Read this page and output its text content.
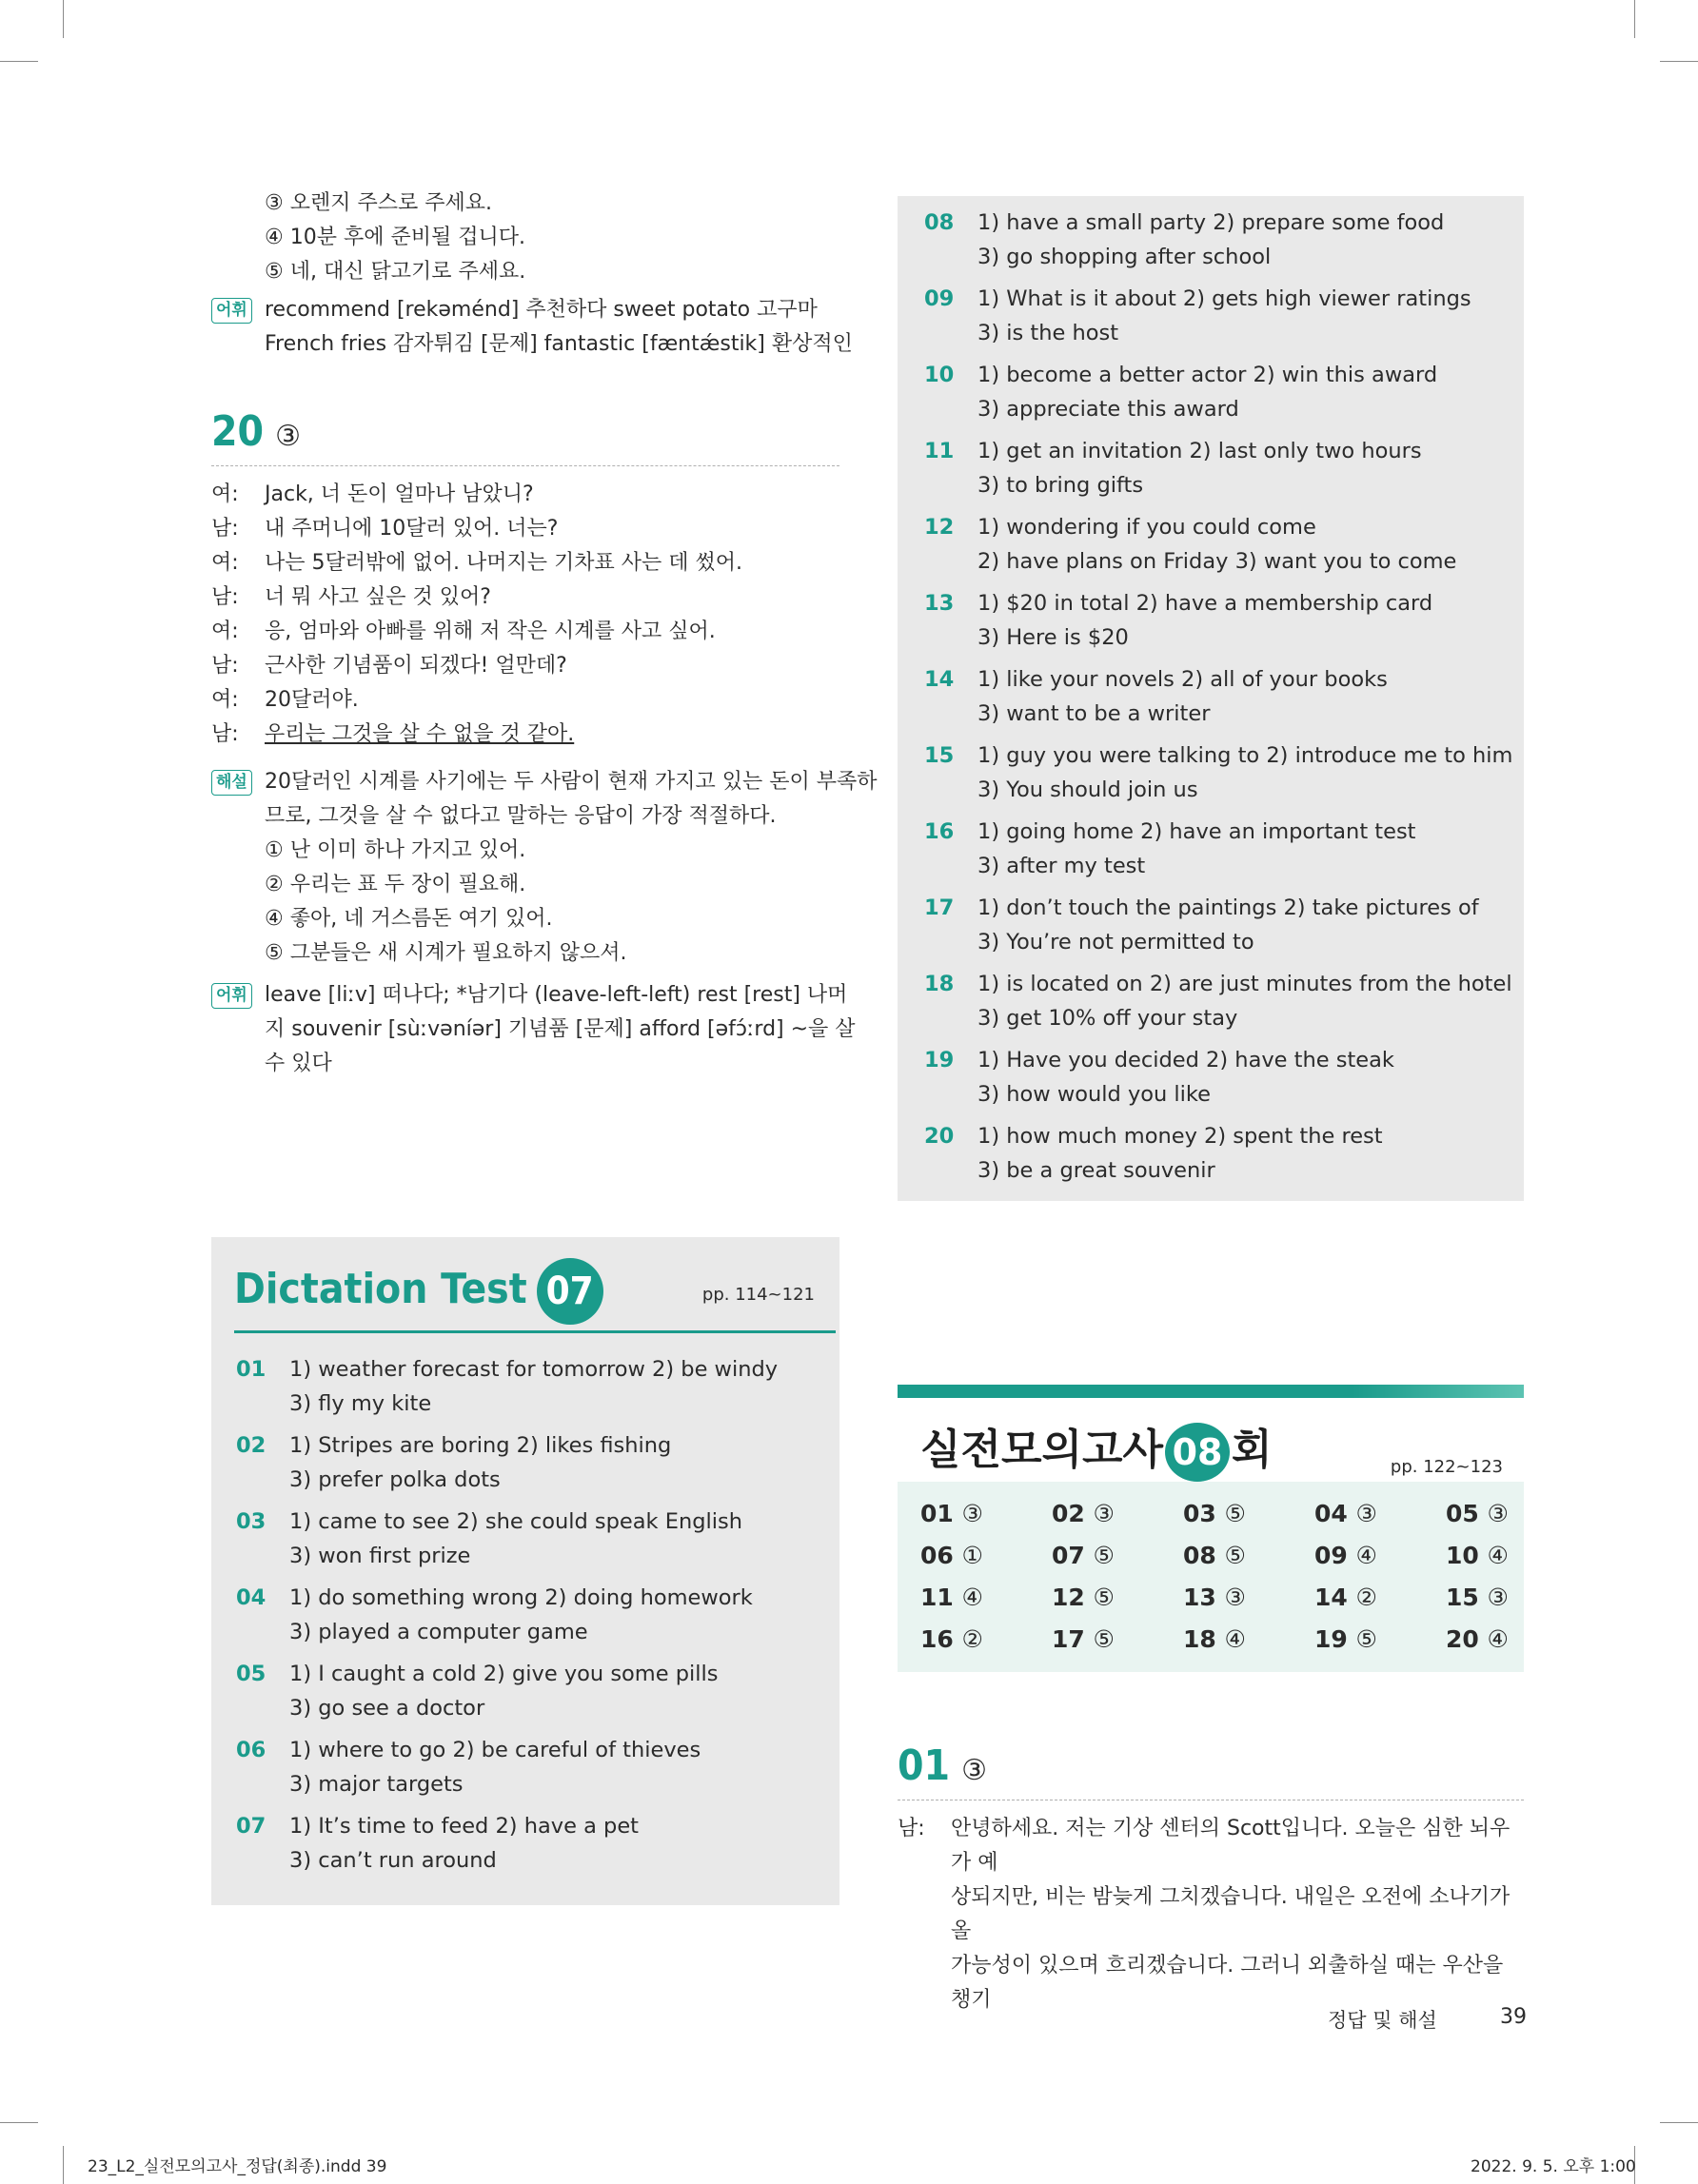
③ 오렌지 주스로 주세요.
④ 10분 후에 준비될 겁니다.
⑤ 네, 대신 닭고기로 주세요.
어휘 recommend [rekəménd] 추천하다 sweet potato 고구마
French fries 감자튀김 [문제] fantastic [fæntǽstik] 환상적인
20 ③
여:	Jack, 너 돈이 얼마나 남았니?
남:	내 주머니에 10달러 있어. 너는?
여:	나는 5달러밖에 없어. 나머지는 기차표 사는 데 썼어.
남:	너 뭐 사고 싶은 것 있어?
여:	응, 엄마와 아빠를 위해 저 작은 시계를 사고 싶어.
남:	근사한 기념품이 되겠다! 얼만데?
여:	20달러야.
남:	우리는 그것을 살 수 없을 것 같아.
해설 20달러인 시계를 사기에는 두 사람이 현재 가지고 있는 돈이 부족하
므로, 그것을 살 수 없다고 말하는 응답이 가장 적절하다.
① 난 이미 하나 가지고 있어.
② 우리는 표 두 장이 필요해.
④ 좋아, 네 거스름돈 여기 있어.
⑤ 그분들은 새 시계가 필요하지 않으셔.
어휘 leave [liːv] 떠나다; *남기다 (leave-left-left) rest [rest] 나머
지 souvenir [sùːvəníər] 기념품 [문제] afford [əfɔ́ːrd] ~을 살
수 있다
08	1) have a small party 2) prepare some food
3) go shopping after school
09	1) What is it about 2) gets high viewer ratings
3) is the host
10	1) become a better actor 2) win this award
3) appreciate this award
11	1) get an invitation 2) last only two hours
3) to bring gifts
12	1) wondering if you could come
2) have plans on Friday 3) want you to come
13	1) $20 in total 2) have a membership card
3) Here is $20
14	1) like your novels 2) all of your books
3) want to be a writer
15	1) guy you were talking to 2) introduce me to him
3) You should join us
16	1) going home 2) have an important test
3) after my test
17	1) don’t touch the paintings 2) take pictures of
3) You’re not permitted to
18	1) is located on 2) are just minutes from the hotel
3) get 10% off your stay
19	1) Have you decided 2) have the steak
3) how would you like
20	1) how much money 2) spent the rest
3) be a great souvenir
Dictation Test 07	pp. 114~121
01	1) weather forecast for tomorrow 2) be windy
3) fly my kite
02	1) Stripes are boring 2) likes fishing
3) prefer polka dots
03	1) came to see 2) she could speak English
3) won first prize
04	1) do something wrong 2) doing homework
3) played a computer game
05	1) I caught a cold 2) give you some pills
3) go see a doctor
06	1) where to go 2) be careful of thieves
3) major targets
07	1) It’s time to feed 2) have a pet
3) can’t run around
실전모의고사 08 회	pp. 122~123
01 ③	02 ③	03 ⑤	04 ③	05 ③
06 ①	07 ⑤	08 ⑤	09 ④	10 ④
11 ④	12 ⑤	13 ③	14 ②	15 ③
16 ②	17 ⑤	18 ④	19 ⑤	20 ④
01 ③
남:	안녕하세요. 저는 기상 센터의 Scott입니다. 오늘은 심한 뇌우가 예
상되지만, 비는 밤늦게 그치겠습니다. 내일은 오전에 소나기가 올
가능성이 있으며 흐리겠습니다. 그러니 외출하실 때는 우산을 챙기
정답 및 해설	39
23_L2_실전모의고사_정답(최종).indd 39	2022. 9. 5. 오후 1:00
